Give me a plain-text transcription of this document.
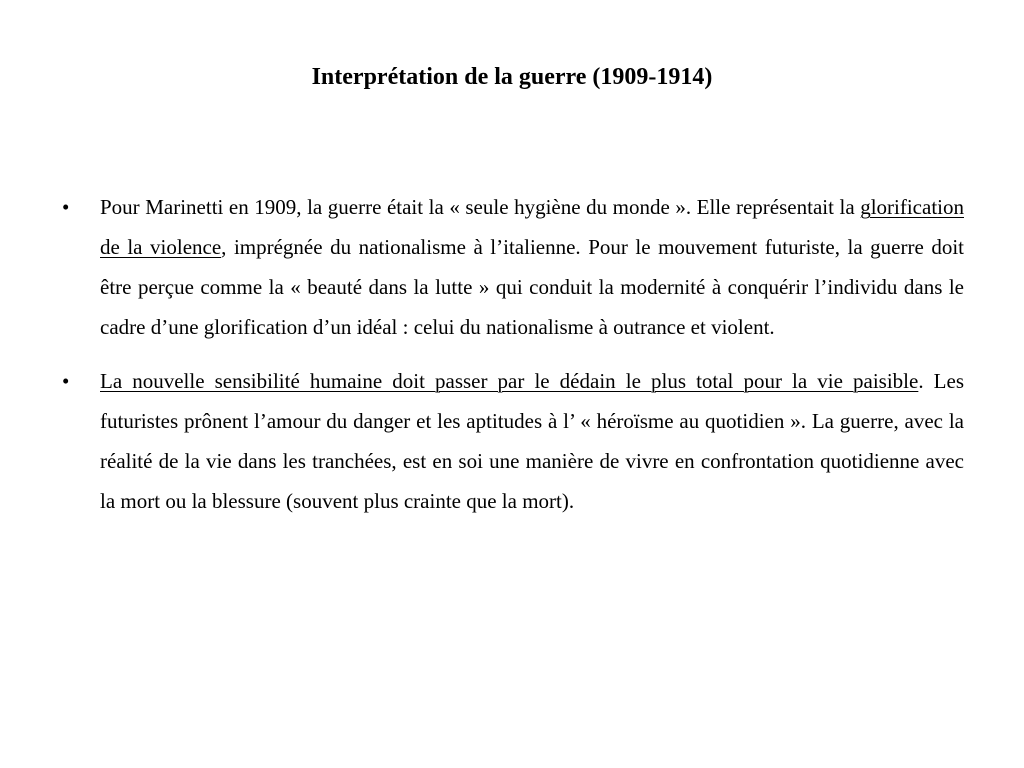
Interprétation de la guerre (1909-1914)
•	Pour Marinetti en 1909, la guerre était la « seule hygiène du monde ». Elle représentait la glorification de la violence, imprégnée du nationalisme à l’italienne. Pour le mouvement futuriste, la guerre doit être perçue comme la « beauté dans la lutte » qui conduit la modernité à conquérir l’individu dans le cadre d’une glorification d’un idéal : celui du nationalisme à outrance et violent.
•	La nouvelle sensibilité humaine doit passer par le dédain le plus total pour la vie paisible. Les futuristes prônent l’amour du danger et les aptitudes à l’ « héroïsme au quotidien ». La guerre, avec la réalité de la vie dans les tranchées, est en soi une manière de vivre en confrontation quotidienne avec la mort ou la blessure (souvent plus crainte que la mort).
